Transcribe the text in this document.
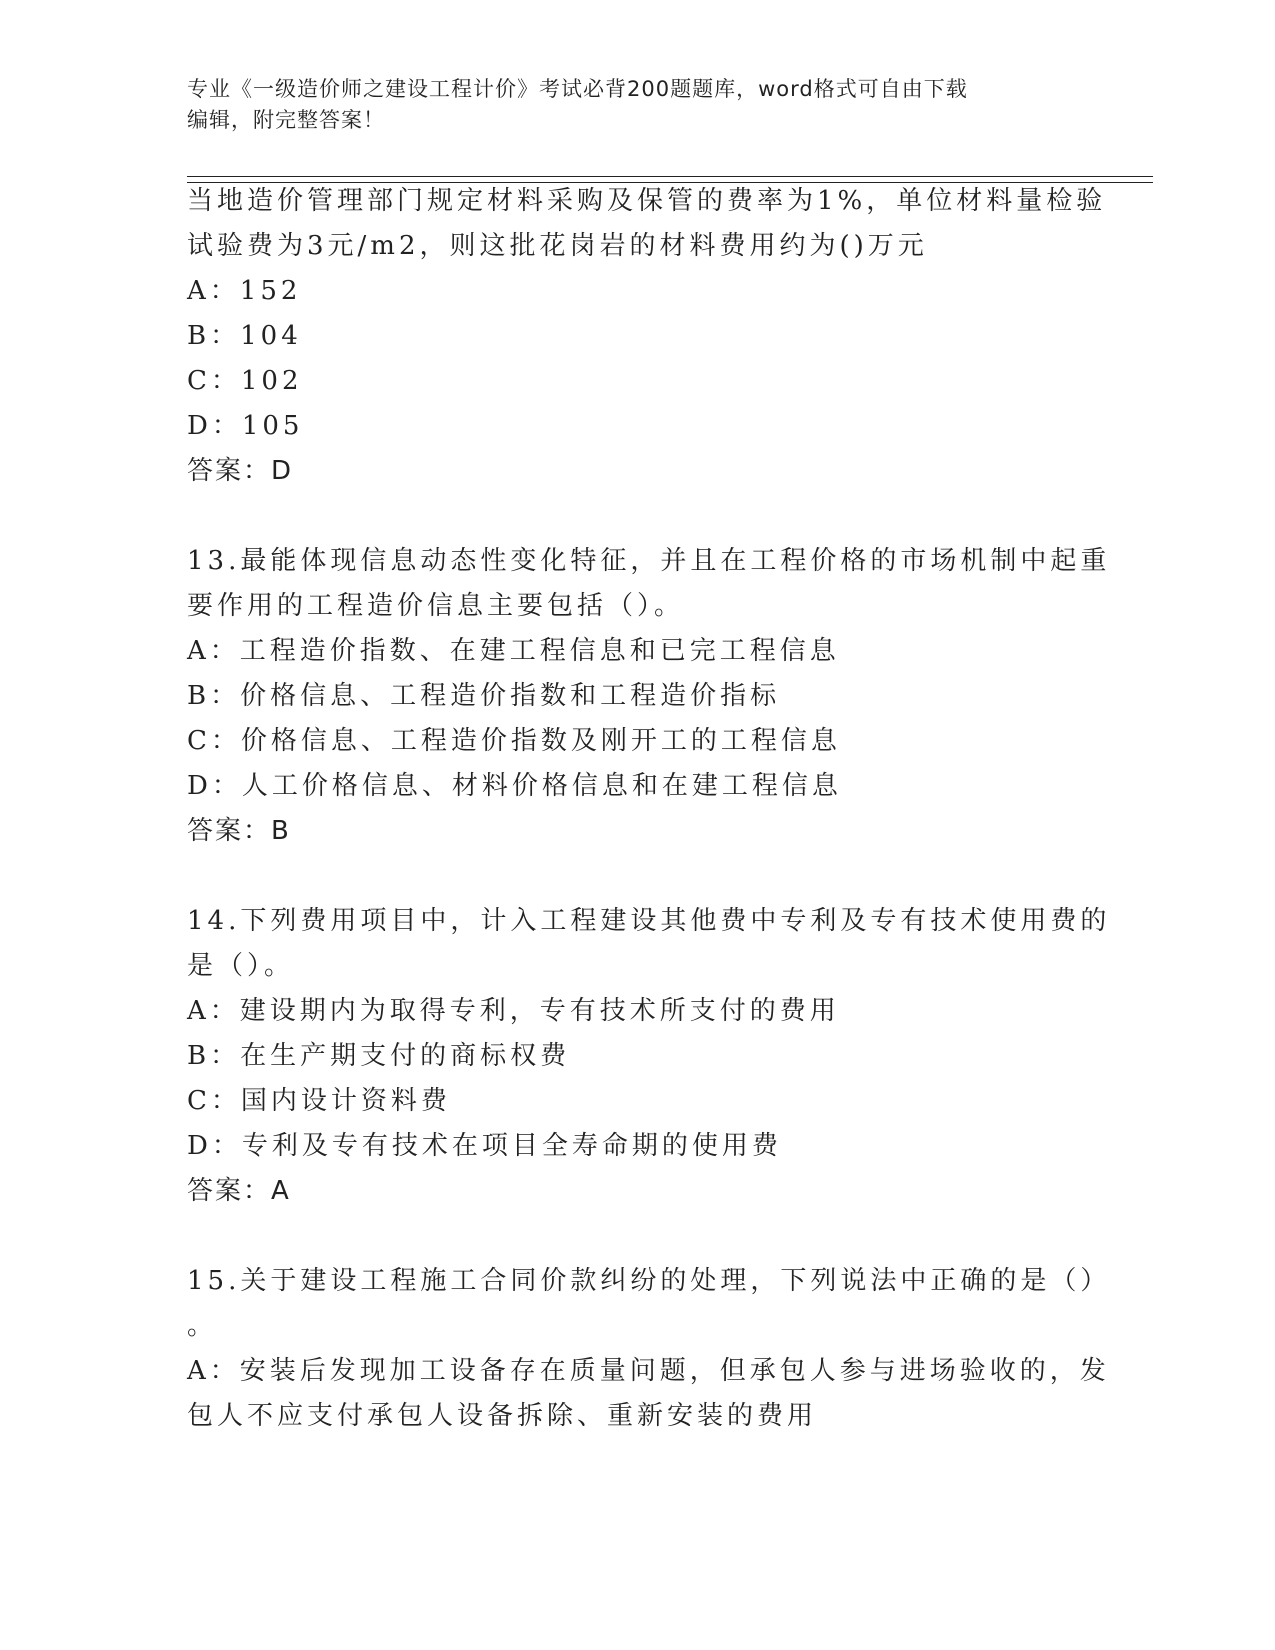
专业《一级造价师之建设工程计价》考试必背200题题库，word格式可自由下载
编辑，附完整答案！
当地造价管理部门规定材料采购及保管的费率为1%，单位材料量检验
试验费为3元/m2，则这批花岗岩的材料费用约为()万元
A：152
B：104
C：102
D：105
答案：D
13.最能体现信息动态性变化特征，并且在工程价格的市场机制中起重
要作用的工程造价信息主要包括（）。
A：工程造价指数、在建工程信息和已完工程信息
B：价格信息、工程造价指数和工程造价指标
C：价格信息、工程造价指数及刚开工的工程信息
D：人工价格信息、材料价格信息和在建工程信息
答案：B
14.下列费用项目中，计入工程建设其他费中专利及专有技术使用费的
是（）。
A：建设期内为取得专利，专有技术所支付的费用
B：在生产期支付的商标权费
C：国内设计资料费
D：专利及专有技术在项目全寿命期的使用费
答案：A
15.关于建设工程施工合同价款纠纷的处理，下列说法中正确的是（）
。
A：安装后发现加工设备存在质量问题，但承包人参与进场验收的，发
包人不应支付承包人设备拆除、重新安装的费用
